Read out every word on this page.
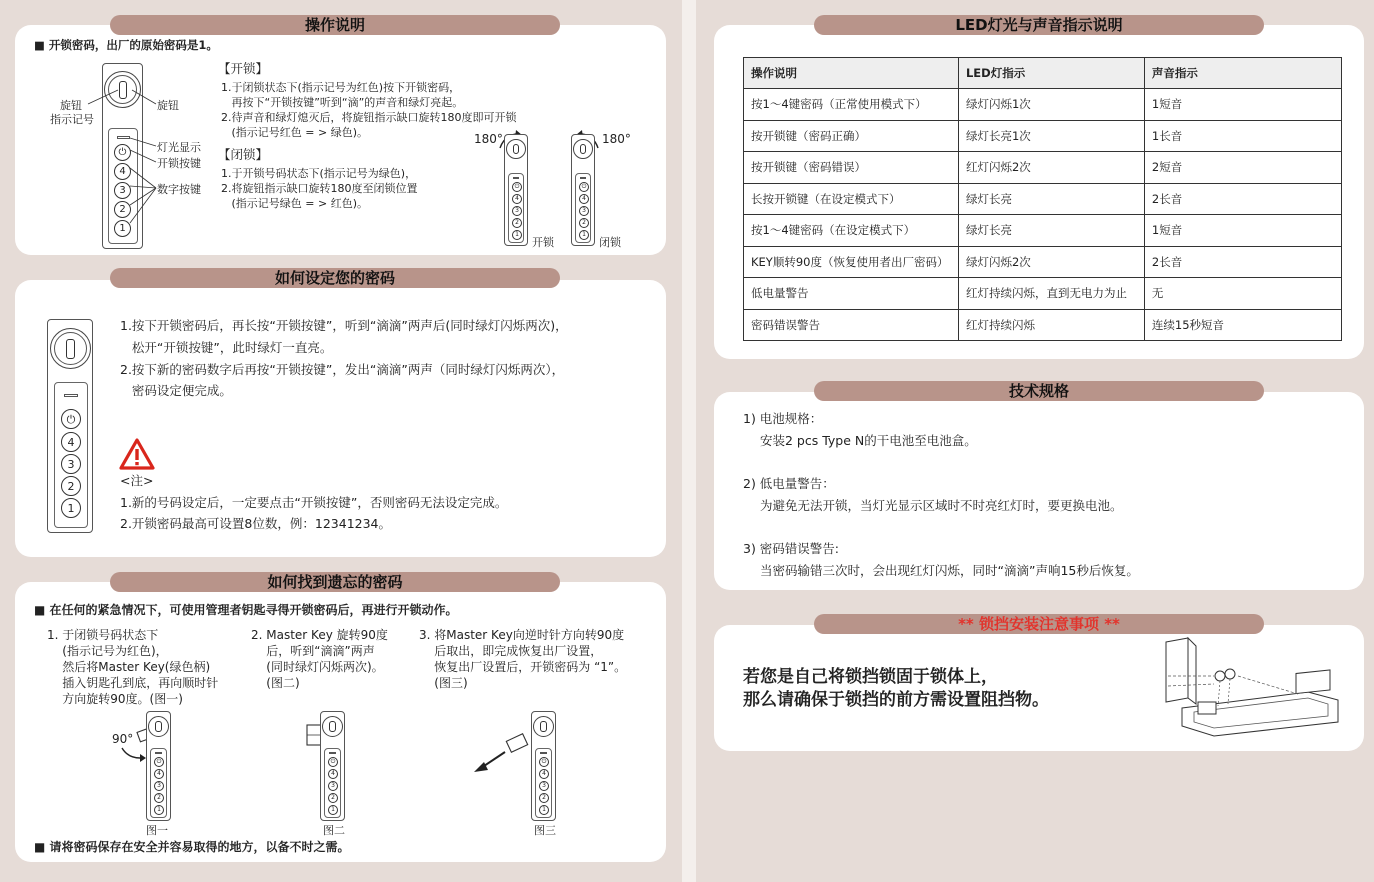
操作说明
■ 开锁密码，出厂的原始密码是1。
⏻
4
3
2
1
旋钮
指示记号
旋钮
灯光显示
开锁按键
数字按键
【开锁】
1.于闭锁状态下(指示记号为红色)按下开锁密码，
再按下“开锁按键”听到“滴”的声音和绿灯亮起。
2.待声音和绿灯熄灭后，将旋钮指示缺口旋转180度即可开锁
(指示记号红色 = > 绿色)。
【闭锁】
1.于开锁号码状态下(指示记号为绿色)，
2.将旋钮指示缺口旋转180度至闭锁位置
(指示记号绿色 = > 红色)。
180°	180°
⏻
4
3
2
1
⏻
4
3
2
1
开锁	闭锁
如何设定您的密码
⏻
4
3
2
1
1.按下开锁密码后，再长按“开锁按键”，听到“滴滴”两声后(同时绿灯闪烁两次)，
松开“开锁按键”，此时绿灯一直亮。
2.按下新的密码数字后再按“开锁按键”，发出“滴滴”两声（同时绿灯闪烁两次），
密码设定便完成。
<注>
1.新的号码设定后，一定要点击“开锁按键”，否则密码无法设定完成。
2.开锁密码最高可设置8位数，例：12341234。
如何找到遗忘的密码
■ 在任何的紧急情况下，可使用管理者钥匙寻得开锁密码后，再进行开锁动作。
1. 于闭锁号码状态下
(指示记号为红色)，
然后将Master Key(绿色柄)
插入钥匙孔到底，再向顺时针
方向旋转90度。(图一)
2. Master Key 旋转90度
后，听到“滴滴”两声
(同时绿灯闪烁两次)。
(图二)
3. 将Master Key向逆时针方向转90度
后取出，即完成恢复出厂设置，
恢复出厂设置后，开锁密码为 “1”。
(图三)
90°
⏻
4
3
2
1
⏻
4
3
2
1
⏻
4
3
2
1
图一	图二	图三
■ 请将密码保存在安全并容易取得的地方，以备不时之需。
LED灯光与声音指示说明
操作说明	LED灯指示	声音指示
按1～4键密码（正常使用模式下）	绿灯闪烁1次	1短音
按开锁键（密码正确）	绿灯长亮1次	1长音
按开锁键（密码错误）	红灯闪烁2次	2短音
长按开锁键（在设定模式下）	绿灯长亮	2长音
按1～4键密码（在设定模式下）	绿灯长亮	1短音
KEY顺转90度（恢复使用者出厂密码）	绿灯闪烁2次	2长音
低电量警告	红灯持续闪烁，直到无电力为止	无
密码错误警告	红灯持续闪烁	连续15秒短音
技术规格
1) 电池规格：
安装2 pcs Type N的干电池至电池盒。
2) 低电量警告：
为避免无法开锁，当灯光显示区域时不时亮红灯时，要更换电池。
3) 密码错误警告:
当密码输错三次时，会出现红灯闪烁，同时“滴滴”声响15秒后恢复。
** 锁挡安装注意事项 **
若您是自己将锁挡锁固于锁体上，
那么请确保于锁挡的前方需设置阻挡物。
